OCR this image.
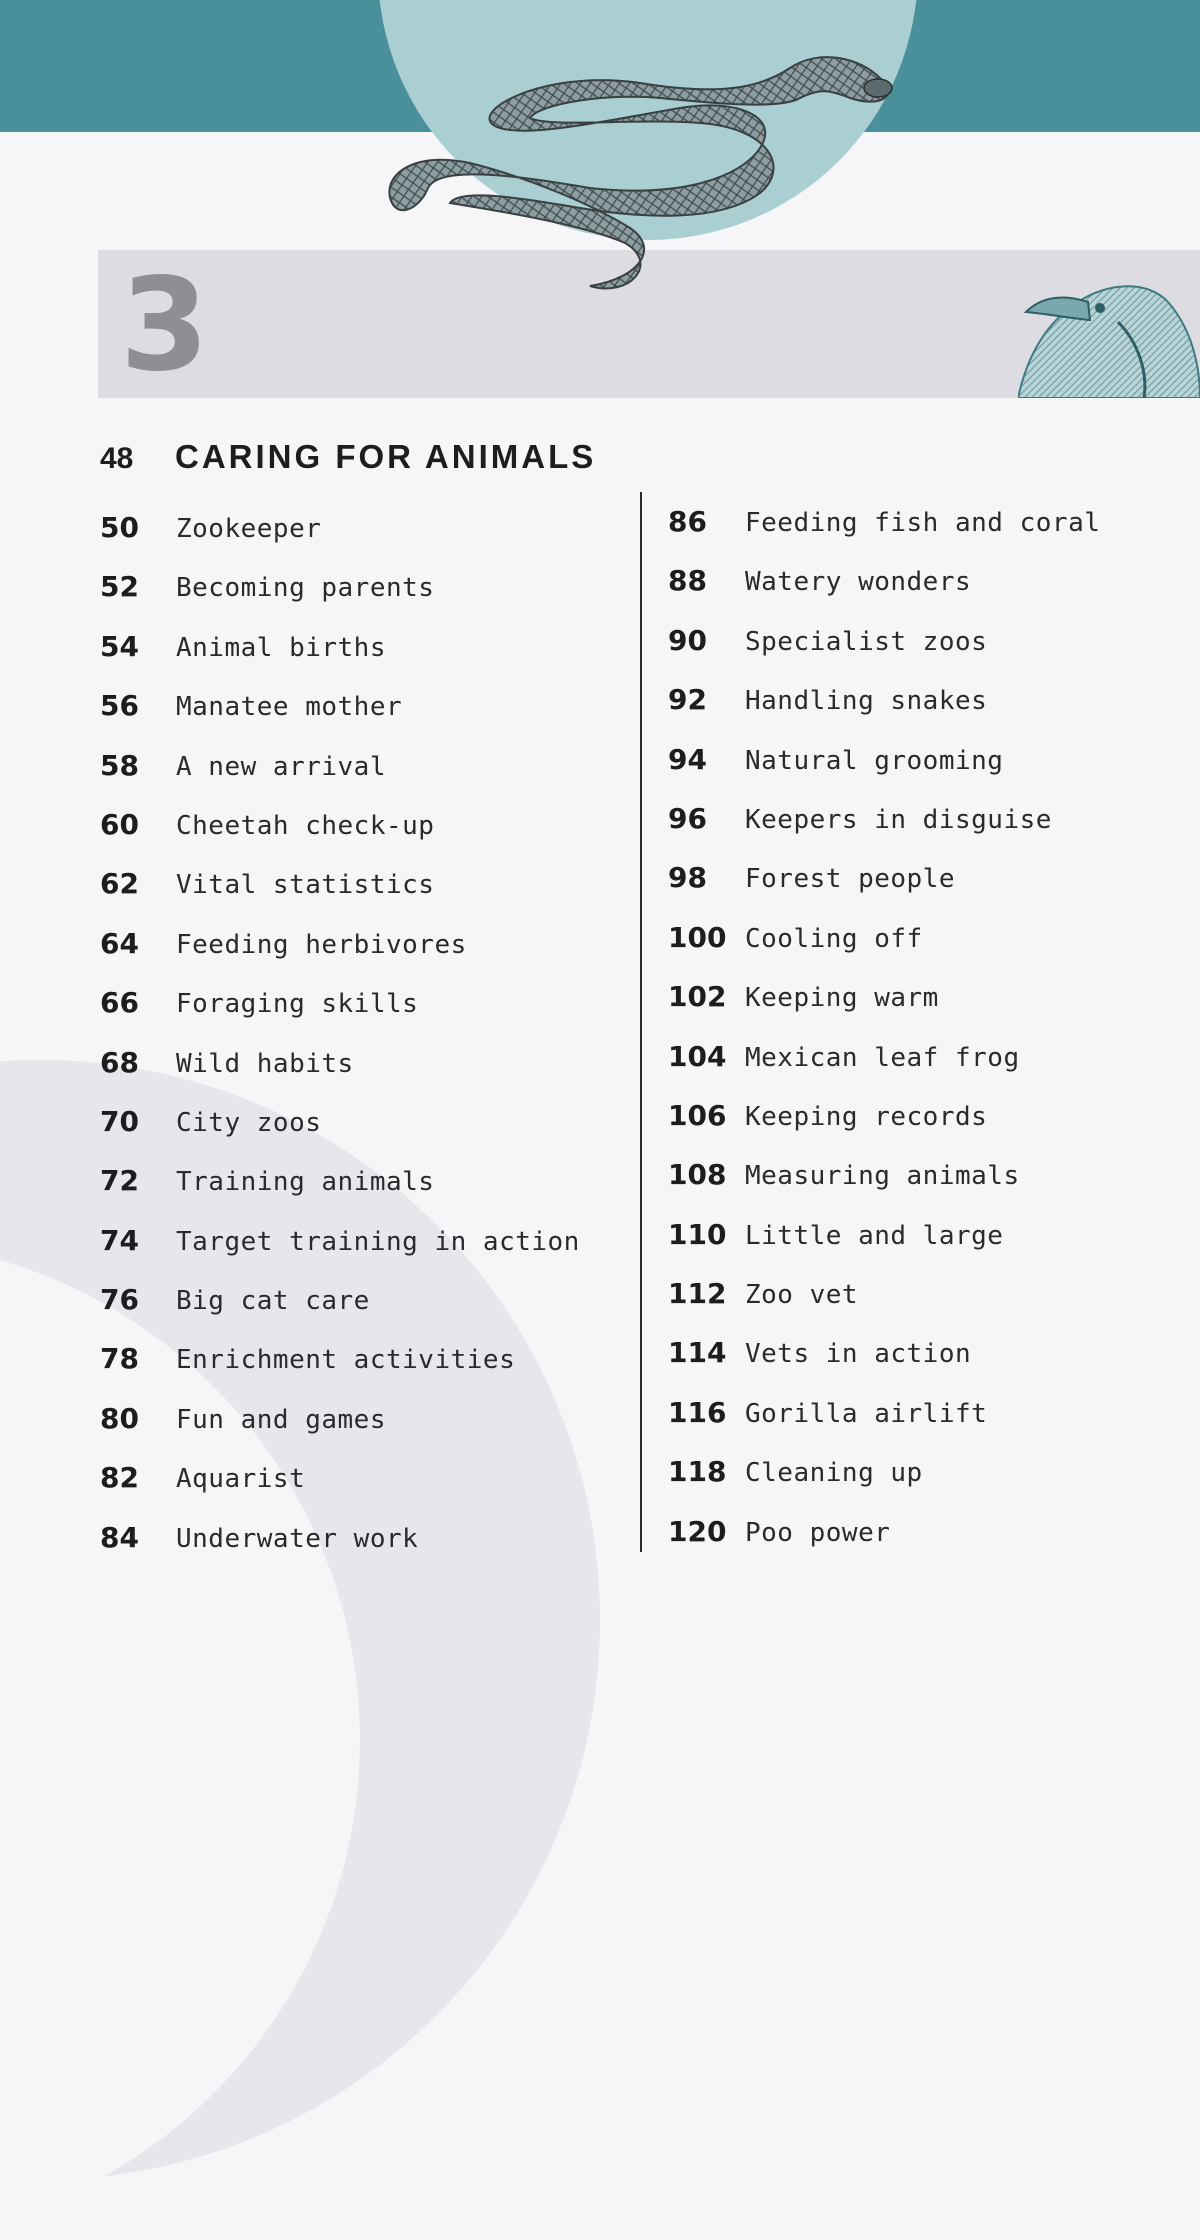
3
48	CARING FOR ANIMALS
50	Zookeeper
52	Becoming parents
54	Animal births
56	Manatee mother
58	A new arrival
60	Cheetah check-up
62	Vital statistics
64	Feeding herbivores
66	Foraging skills
68	Wild habits
70	City zoos
72	Training animals
74	Target training in action
76	Big cat care
78	Enrichment activities
80	Fun and games
82	Aquarist
84	Underwater work
86	Feeding fish and coral
88	Watery wonders
90	Specialist zoos
92	Handling snakes
94	Natural grooming
96	Keepers in disguise
98	Forest people
100 Cooling off
102 Keeping warm
104 Mexican leaf frog
106 Keeping records
108 Measuring animals
110 Little and large
112 Zoo vet
114 Vets in action
116 Gorilla airlift
118 Cleaning up
120 Poo power
